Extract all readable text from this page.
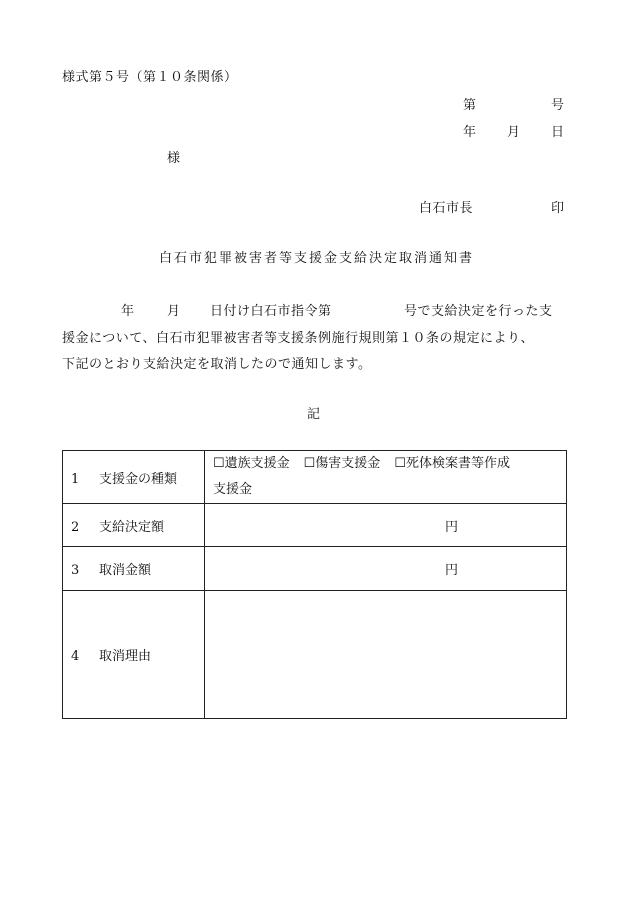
様式第５号（第１０条関係）
第	号
年 月 日
様
白石市長	印
白石市犯罪被害者等支援金支給決定取消通知書
年 月 日付け白石市指令第	号で支給決定を行った支
援金について、白石市犯罪被害者等支援条例施行規則第１０条の規定により、
下記のとおり支給決定を取消したので通知します。
記
1 支援金の種類	☐遺族支援金 ☐傷害支援金 ☐死体検案書等作成
支援金
2 支給決定額	円

3 取消金額	円

4 取消理由	
